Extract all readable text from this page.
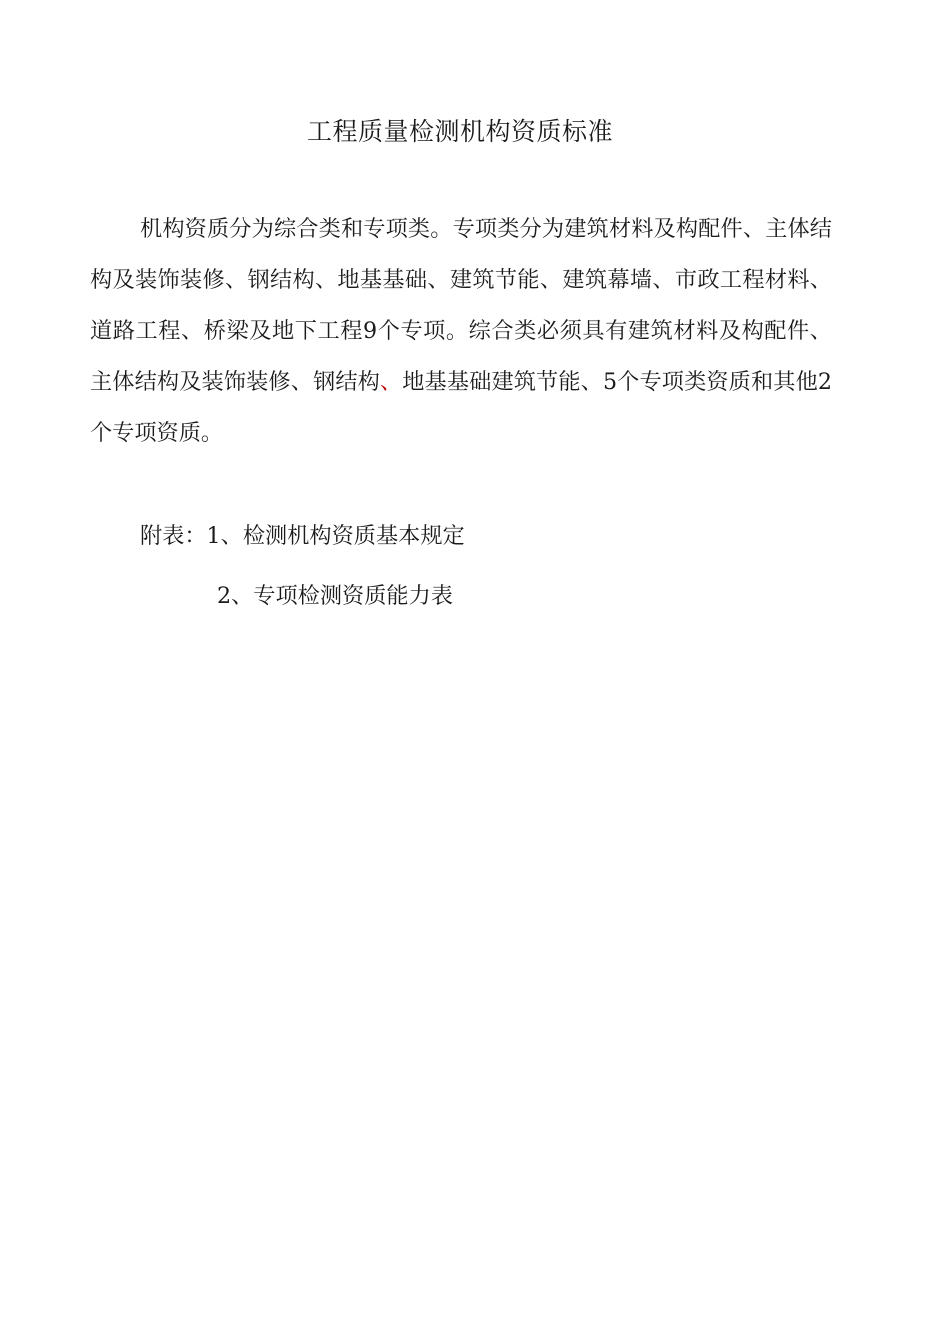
工程质量检测机构资质标准

机构资质分为综合类和专项类。专项类分为建筑材料及构配件、主体结构及装饰装修、钢结构、地基基础、建筑节能、建筑幕墙、市政工程材料、道路工程、桥梁及地下工程9个专项。综合类必须具有建筑材料及构配件、主体结构及装饰装修、钢结构、地基基础建筑节能、5个专项类资质和其他2个专项资质。

附表：1、检测机构资质基本规定

2、专项检测资质能力表
